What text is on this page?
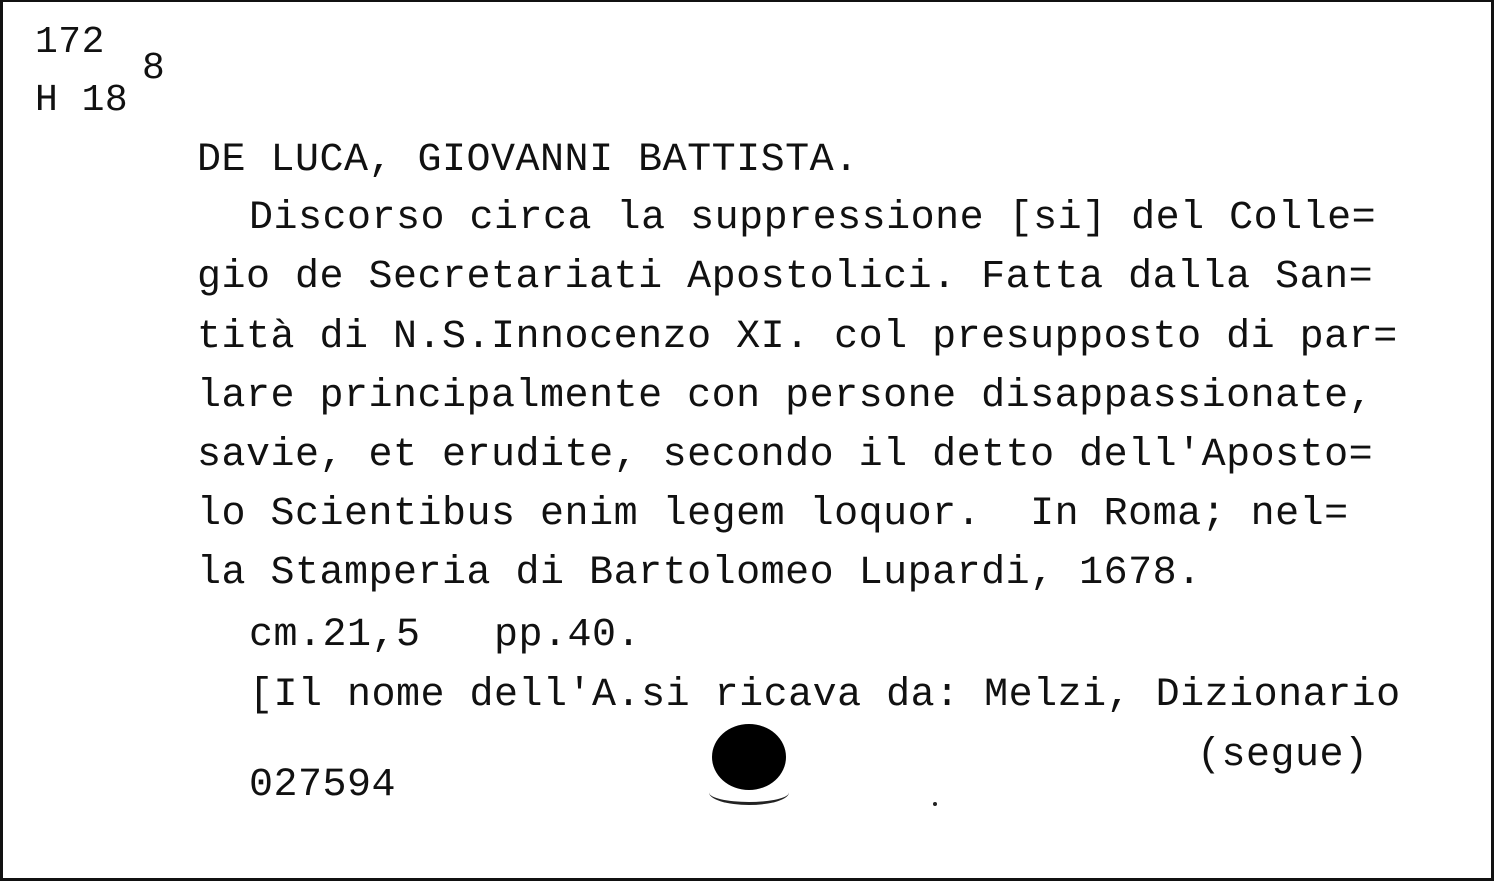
172
H 18
8
DE LUCA, GIOVANNI BATTISTA.
Discorso circa la suppressione [si] del Colle=
gio de Secretariati Apostolici. Fatta dalla San=
tità di N.S.Innocenzo XI. col presupposto di par=
lare principalmente con persone disappassionate,
savie, et erudite, secondo il detto dell'Aposto=
lo Scientibus enim legem loquor.  In Roma; nel=
la Stamperia di Bartolomeo Lupardi, 1678.
cm.21,5   pp.40.
[Il nome dell'A.si ricava da: Melzi, Dizionario
(segue)
027594
